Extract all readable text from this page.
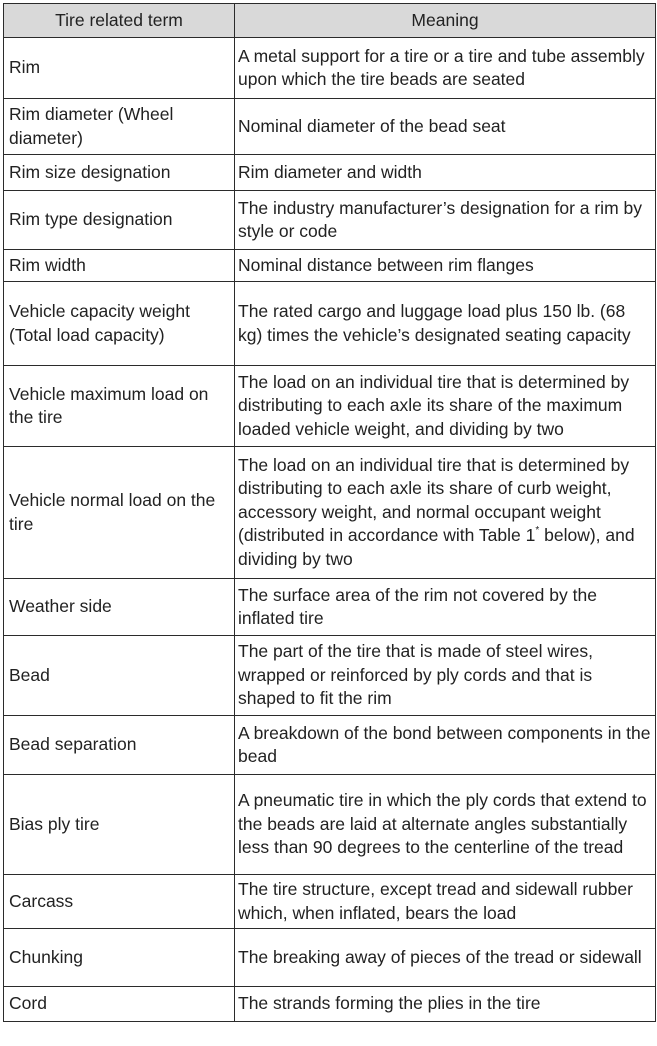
Tire related term	Meaning
Rim	A metal support for a tire or a tire and tube assembly upon which the tire beads are seated
Rim diameter (Wheel diameter)	Nominal diameter of the bead seat
Rim size designation	Rim diameter and width
Rim type designation	The industry manufacturer’s designation for a rim by style or code
Rim width	Nominal distance between rim flanges
Vehicle capacity weight (Total load capacity)	The rated cargo and luggage load plus 150 lb. (68 kg) times the vehicle’s designated seating capacity
Vehicle maximum load on the tire	The load on an individual tire that is determined by distributing to each axle its share of the maximum loaded vehicle weight, and dividing by two
Vehicle normal load on the tire	The load on an individual tire that is determined by distributing to each axle its share of curb weight, accessory weight, and normal occupant weight (distributed in accordance with Table 1* below), and dividing by two
Weather side	The surface area of the rim not covered by the inflated tire
Bead	The part of the tire that is made of steel wires, wrapped or reinforced by ply cords and that is shaped to fit the rim
Bead separation	A breakdown of the bond between components in the bead
Bias ply tire	A pneumatic tire in which the ply cords that extend to the beads are laid at alternate angles substantially less than 90 degrees to the centerline of the tread
Carcass	The tire structure, except tread and sidewall rubber which, when inflated, bears the load
Chunking	The breaking away of pieces of the tread or sidewall
Cord	The strands forming the plies in the tire
